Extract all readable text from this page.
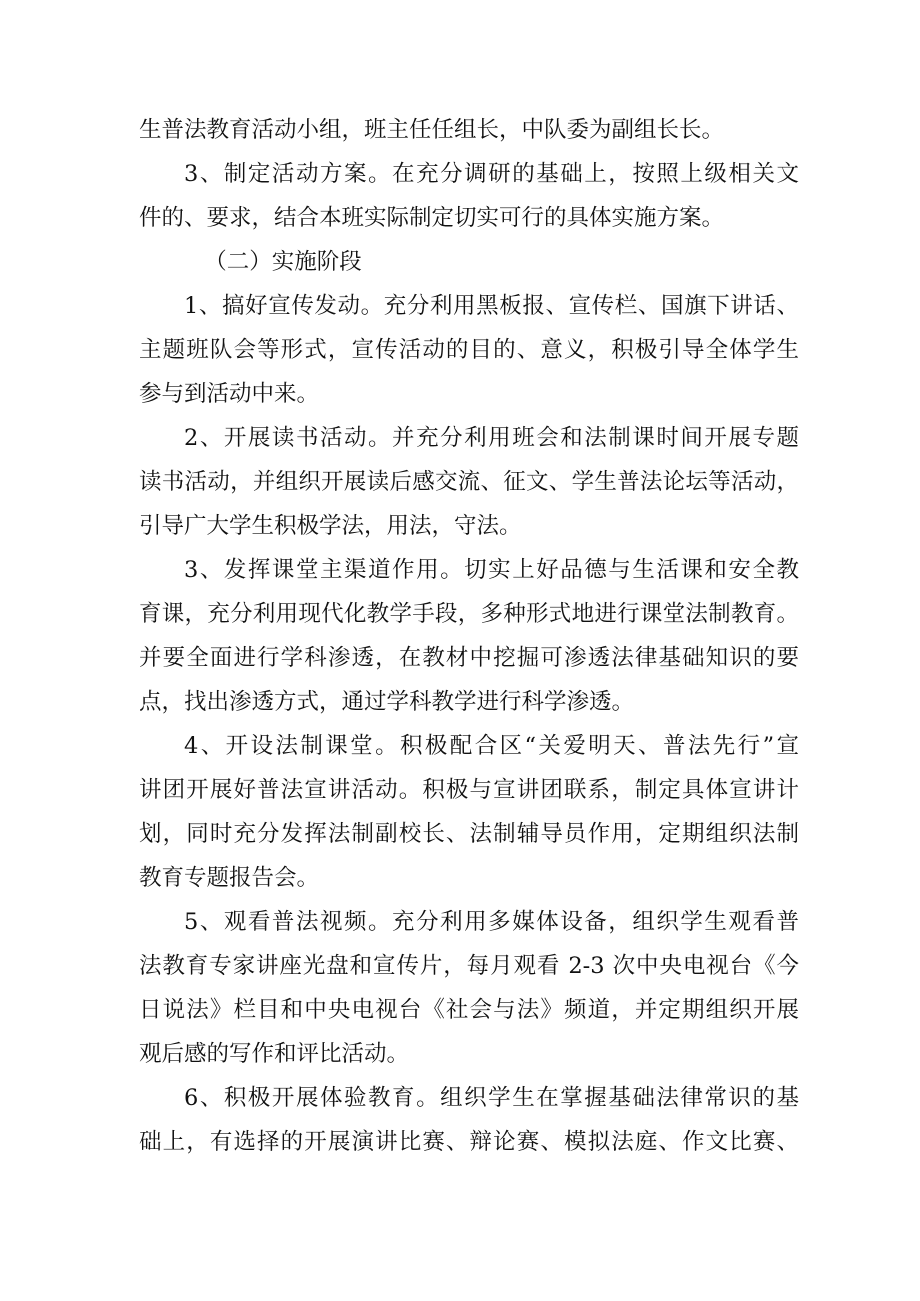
生普法教育活动小组，班主任任组长，中队委为副组长长。

3、制定活动方案。在充分调研的基础上，按照上级相关文
件的、要求，结合本班实际制定切实可行的具体实施方案。

（二）实施阶段

1、搞好宣传发动。充分利用黑板报、宣传栏、国旗下讲话、
主题班队会等形式，宣传活动的目的、意义，积极引导全体学生
参与到活动中来。

2、开展读书活动。并充分利用班会和法制课时间开展专题
读书活动，并组织开展读后感交流、征文、学生普法论坛等活动，
引导广大学生积极学法，用法，守法。

3、发挥课堂主渠道作用。切实上好品德与生活课和安全教
育课，充分利用现代化教学手段，多种形式地进行课堂法制教育。
并要全面进行学科渗透，在教材中挖掘可渗透法律基础知识的要
点，找出渗透方式，通过学科教学进行科学渗透。

4、开设法制课堂。积极配合区“关爱明天、普法先行”宣
讲团开展好普法宣讲活动。积极与宣讲团联系，制定具体宣讲计
划，同时充分发挥法制副校长、法制辅导员作用，定期组织法制
教育专题报告会。

5、观看普法视频。充分利用多媒体设备，组织学生观看普
法教育专家讲座光盘和宣传片，每月观看 2-3 次中央电视台《今
日说法》栏目和中央电视台《社会与法》频道，并定期组织开展
观后感的写作和评比活动。

6、积极开展体验教育。组织学生在掌握基础法律常识的基
础上，有选择的开展演讲比赛、辩论赛、模拟法庭、作文比赛、
